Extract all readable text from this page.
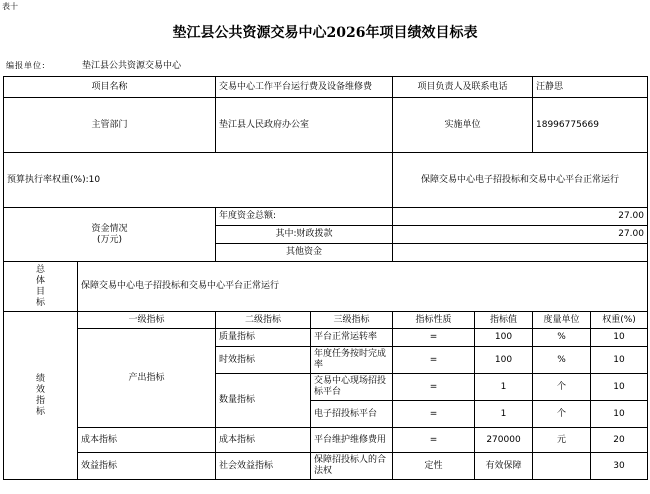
表十
垫江县公共资源交易中心2026年项目绩效目标表
编报单位:	垫江县公共资源交易中心
项目名称		交易中心工作平台运行费及设备维修费		项目负责人及联系电话		汪静思	
主管部门		垫江县人民政府办公室		实施单位		18996775669	
预算执行率权重(%):10				保障交易中心电子招投标和交易中心平台正常运行			

资金情况
(万元)		年度资金总额:		27.00			
		其中:财政拨款		27.00			
		其他资金					

总
体
目
标	保障交易中心电子招投标和交易中心平台正常运行						

绩
效
指
标	一级指标	二级指标	三级指标	指标性质	指标值	度量单位	权重(%)
	产出指标	质量指标	平台正常运转率	=	100	%	10
		时效指标	年度任务按时完成率	=	100	%	10
		数量指标	交易中心现场招投标平台	=	1	个	10
			电子招投标平台	=	1	个	10
	成本指标	成本指标	平台维护维修费用	=	270000	元	20
	效益指标	社会效益指标	保障招投标人的合法权	定性	有效保障		30
